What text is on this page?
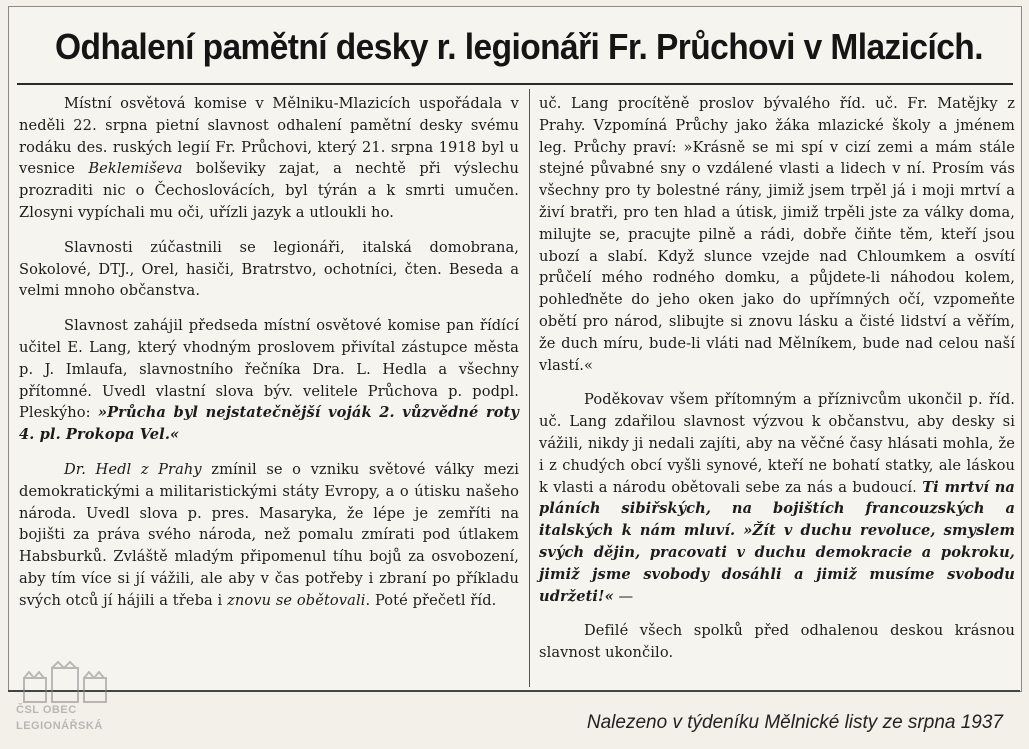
Odhalení pamětní desky r. legionáři Fr. Průchovi v Mlazicích.

Místní osvětová komise v Mělniku-Mlazicích uspořádala v neděli 22. srpna pietní slavnost odhalení pamětní desky svému rodáku des. ruských legií Fr. Průchovi, který 21. srpna 1918 byl u vesnice Beklemiševa bolševiky zajat, a nechtě při výslechu prozraditi nic o Čechoslovácích, byl týrán a k smrti umučen. Zlosyni vypíchali mu oči, uřízli jazyk a utloukli ho.

Slavnosti zúčastnili se legionáři, italská domobrana, Sokolové, DTJ., Orel, hasiči, Bratrstvo, ochotníci, čten. Beseda a velmi mnoho občanstva.

Slavnost zahájil předseda místní osvětové komise pan řídící učitel E. Lang, který vhodným proslovem přivítal zástupce města p. J. Imlaufa, slavnostního řečníka Dra. L. Hedla a všechny přítomné. Uvedl vlastní slova býv. velitele Průchova p. podpl. Pleskýho: »Průcha byl nejstatečnější voják 2. vůzvědné roty 4. pl. Prokopa Vel.«

Dr. Hedl z Prahy zmínil se o vzniku světové války mezi demokratickými a militaristickými státy Evropy, a o útisku našeho národa. Uvedl slova p. pres. Masaryka, že lépe je zemříti na bojišti za práva svého národa, než pomalu zmírati pod útlakem Habsburků. Zvláště mladým připomenul tíhu bojů za osvobození, aby tím více si jí vážili, ale aby v čas potřeby i zbraní po příkladu svých otců jí hájili a třeba i znovu se obětovali. Poté přečetl říd.

uč. Lang procítěně proslov bývalého říd. uč. Fr. Matějky z Prahy. Vzpomíná Průchy jako žáka mlazické školy a jménem leg. Průchy praví: »Krásně se mi spí v cizí zemi a mám stále stejné půvabné sny o vzdálené vlasti a lidech v ní. Prosím vás všechny pro ty bolestné rány, jimiž jsem trpěl já i moji mrtví a živí bratři, pro ten hlad a útisk, jimiž trpěli jste za války doma, milujte se, pracujte pilně a rádi, dobře čiňte těm, kteří jsou ubozí a slabí. Když slunce vzejde nad Chloumkem a osvítí průčelí mého rodného domku, a půjdete-li náhodou kolem, pohleďněte do jeho oken jako do upřímných očí, vzpomeňte obětí pro národ, slibujte si znovu lásku a čisté lidství a věřím, že duch míru, bude-li vláti nad Mělníkem, bude nad celou naší vlastí.«

Poděkovav všem přítomným a příznivcům ukončil p. říd. uč. Lang zdařilou slavnost výzvou k občanstvu, aby desky si vážili, nikdy ji nedali zajíti, aby na věčné časy hlásati mohla, že i z chudých obcí vyšli synové, kteří ne bohatí statky, ale láskou k vlasti a národu obětovali sebe za nás a budoucí. Ti mrtví na pláních sibiřských, na bojištích francouzských a italských k nám mluví. »Žít v duchu revoluce, smyslem svých dějin, pracovati v duchu demokracie a pokroku, jimiž jsme svobody dosáhli a jimiž musíme svobodu udržeti!« —

Defilé všech spolků před odhalenou deskou krásnou slavnost ukončilo.

ČSL OBEC
LEGIONÁŘSKÁ	Nalezeno v týdeníku Mělnické listy ze srpna 1937
